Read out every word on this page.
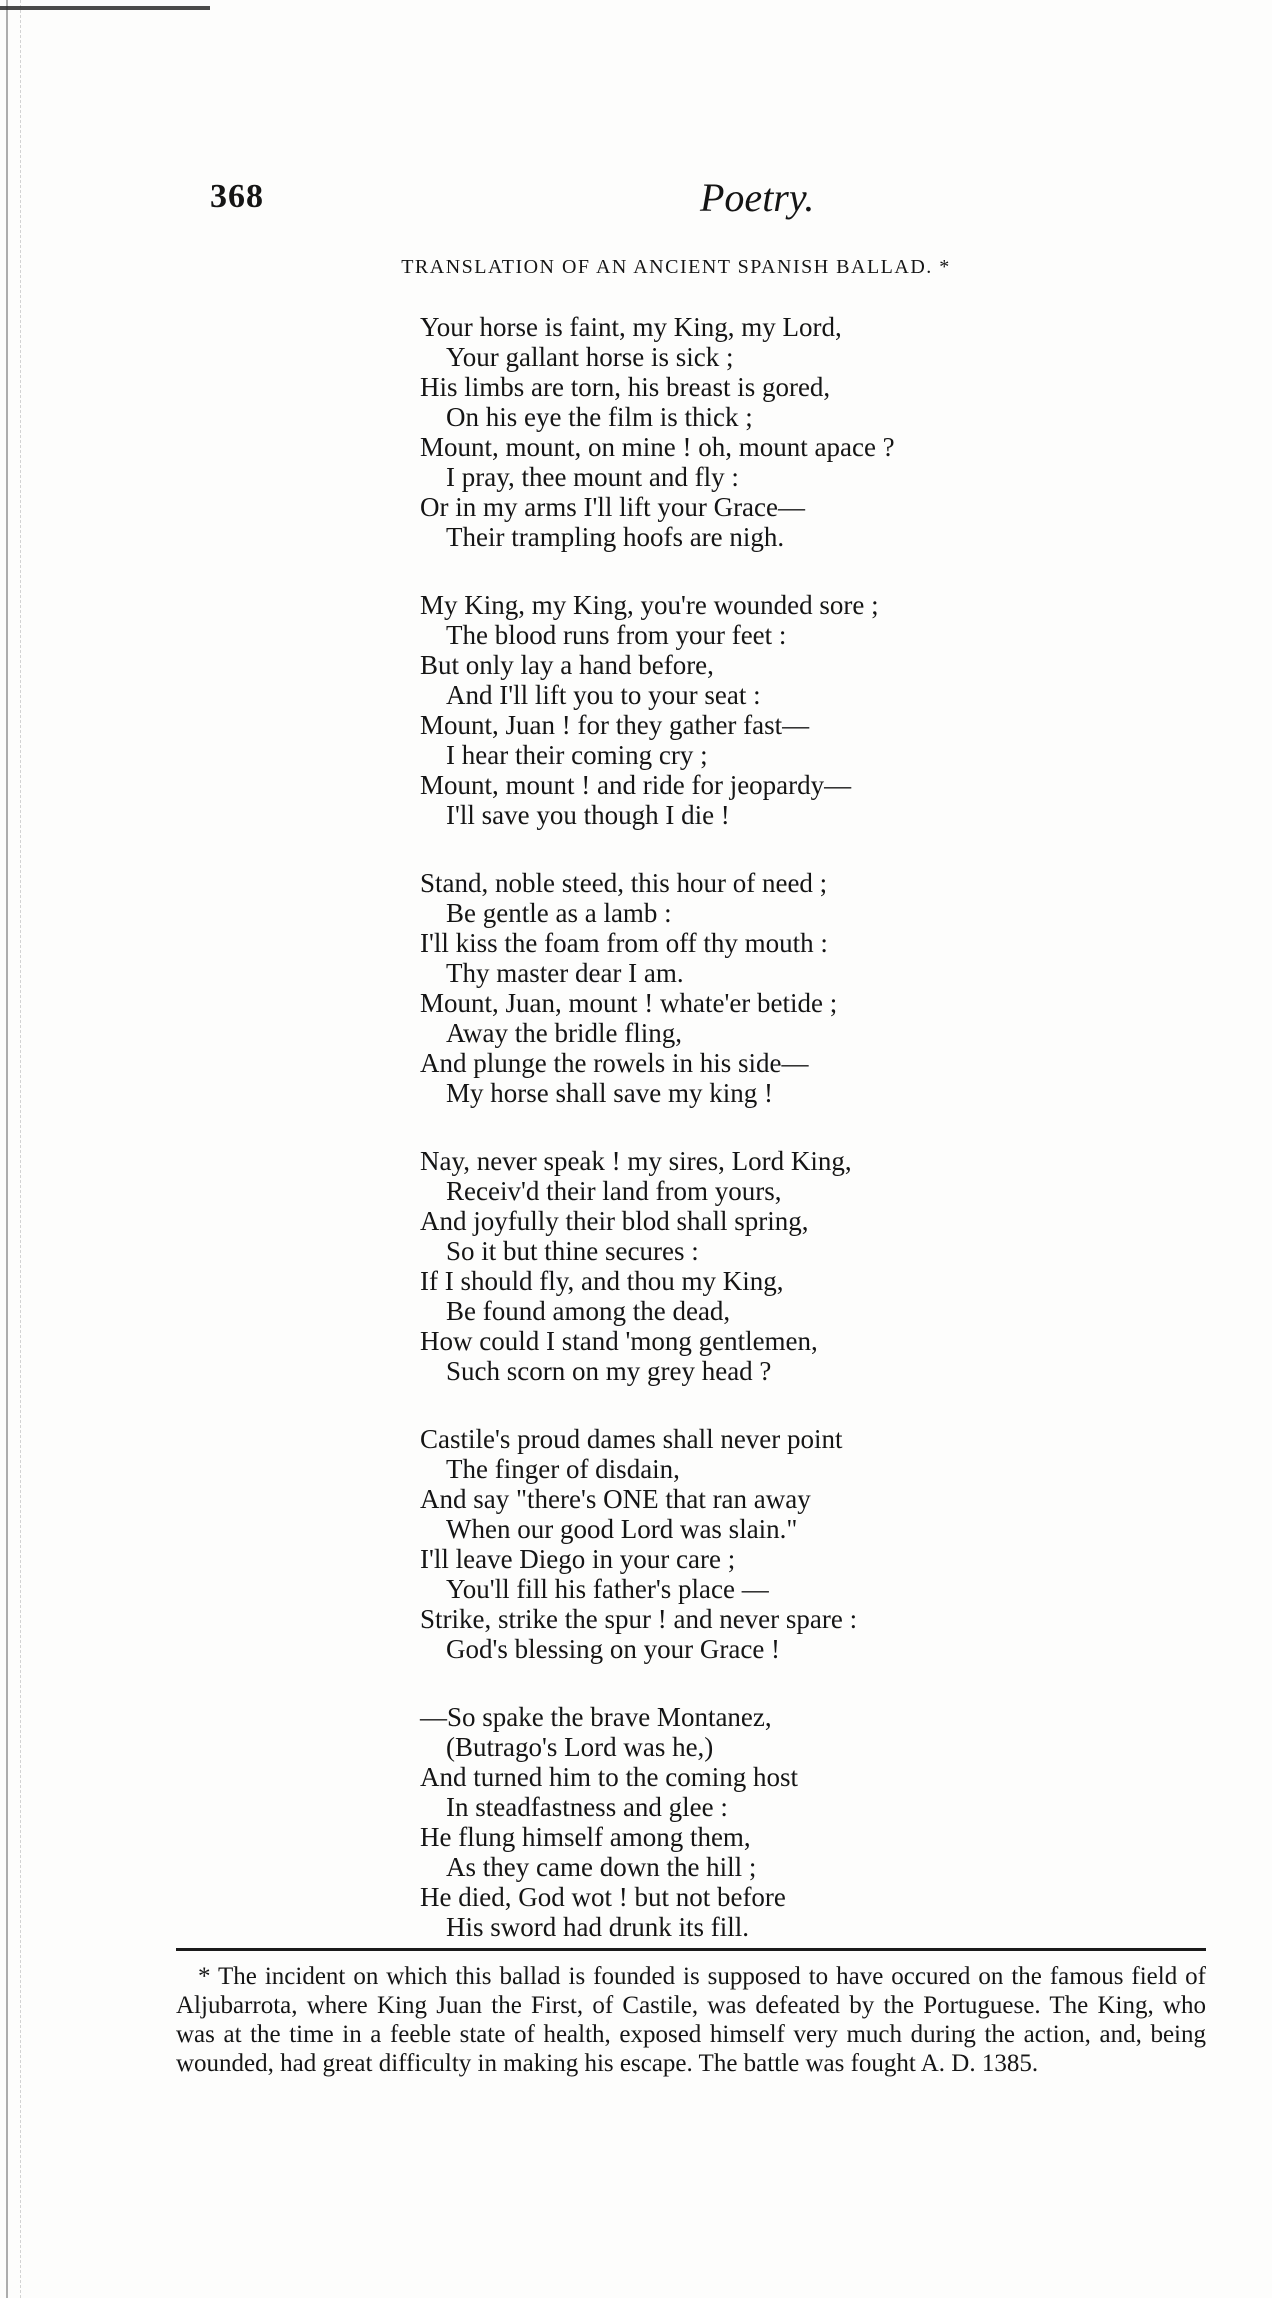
368	Poetry.
TRANSLATION OF AN ANCIENT SPANISH BALLAD. *
Your horse is faint, my King, my Lord,
Your gallant horse is sick ;
His limbs are torn, his breast is gored,
On his eye the film is thick ;
Mount, mount, on mine ! oh, mount apace ?
I pray, thee mount and fly :
Or in my arms I'll lift your Grace—
Their trampling hoofs are nigh.
My King, my King, you're wounded sore ;
The blood runs from your feet :
But only lay a hand before,
And I'll lift you to your seat :
Mount, Juan ! for they gather fast—
I hear their coming cry ;
Mount, mount ! and ride for jeopardy—
I'll save you though I die !
Stand, noble steed, this hour of need ;
Be gentle as a lamb :
I'll kiss the foam from off thy mouth :
Thy master dear I am.
Mount, Juan, mount ! whate'er betide ;
Away the bridle fling,
And plunge the rowels in his side—
My horse shall save my king !
Nay, never speak ! my sires, Lord King,
Receiv'd their land from yours,
And joyfully their blod shall spring,
So it but thine secures :
If I should fly, and thou my King,
Be found among the dead,
How could I stand 'mong gentlemen,
Such scorn on my grey head ?
Castile's proud dames shall never point
The finger of disdain,
And say "there's ONE that ran away
When our good Lord was slain."
I'll leave Diego in your care ;
You'll fill his father's place —
Strike, strike the spur ! and never spare :
God's blessing on your Grace !
—So spake the brave Montanez,
(Butrago's Lord was he,)
And turned him to the coming host
In steadfastness and glee :
He flung himself among them,
As they came down the hill ;
He died, God wot ! but not before
His sword had drunk its fill.
* The incident on which this ballad is founded is supposed to have occured on the famous field of Aljubarrota, where King Juan the First, of Castile, was defeated by the Portuguese. The King, who was at the time in a feeble state of health, exposed himself very much during the action, and, being wounded, had great difficulty in making his escape. The battle was fought A. D. 1385.
